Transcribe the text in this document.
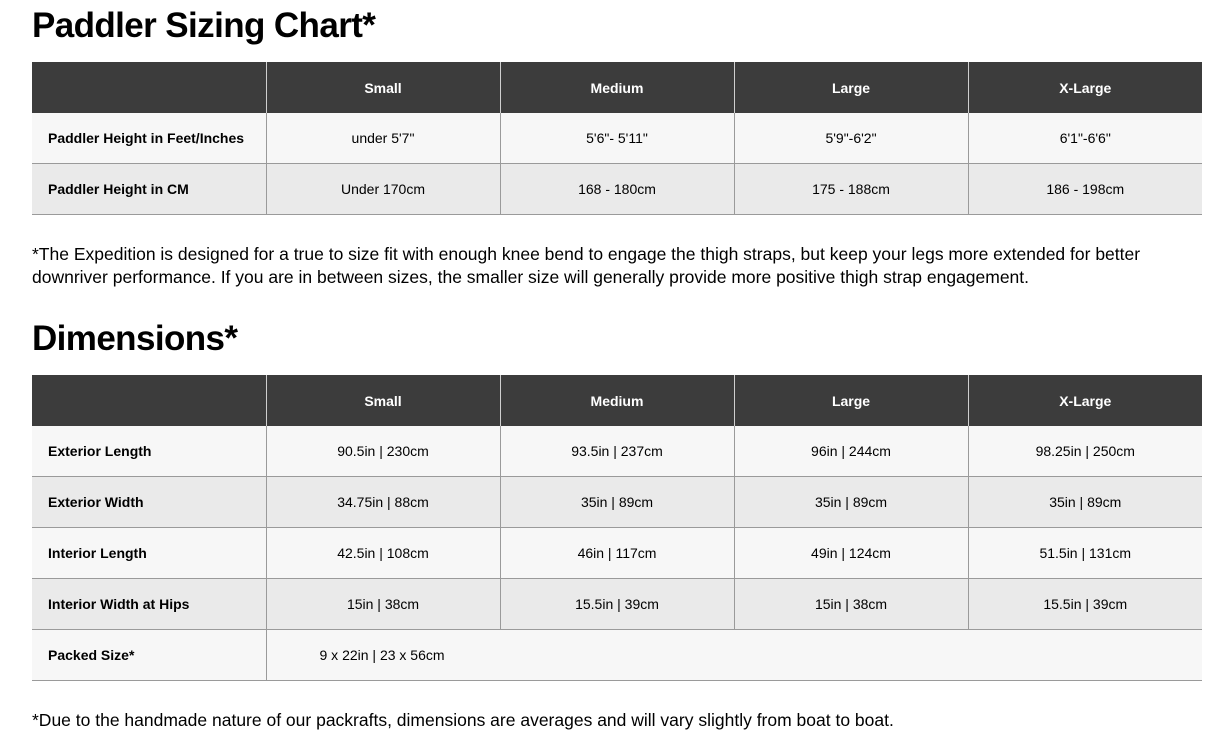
Paddler Sizing Chart*
	Small	Medium	Large	X-Large
Paddler Height in Feet/Inches	under 5'7"	5'6"- 5'11"	5'9"-6'2"	6'1"-6'6"
Paddler Height in CM	Under 170cm	168 - 180cm	175 - 188cm	186 - 198cm

*The Expedition is designed for a true to size fit with enough knee bend to engage the thigh straps, but keep your legs more extended for better downriver performance. If you are in between sizes, the smaller size will generally provide more positive thigh strap engagement.

Dimensions*
	Small	Medium	Large	X-Large
Exterior Length	90.5in | 230cm	93.5in | 237cm	96in | 244cm	98.25in | 250cm
Exterior Width	34.75in | 88cm	35in | 89cm	35in | 89cm	35in | 89cm
Interior Length	42.5in | 108cm	46in | 117cm	49in | 124cm	51.5in | 131cm
Interior Width at Hips	15in | 38cm	15.5in | 39cm	15in | 38cm	15.5in | 39cm
Packed Size*	9 x 22in | 23 x 56cm			

*Due to the handmade nature of our packrafts, dimensions are averages and will vary slightly from boat to boat.
